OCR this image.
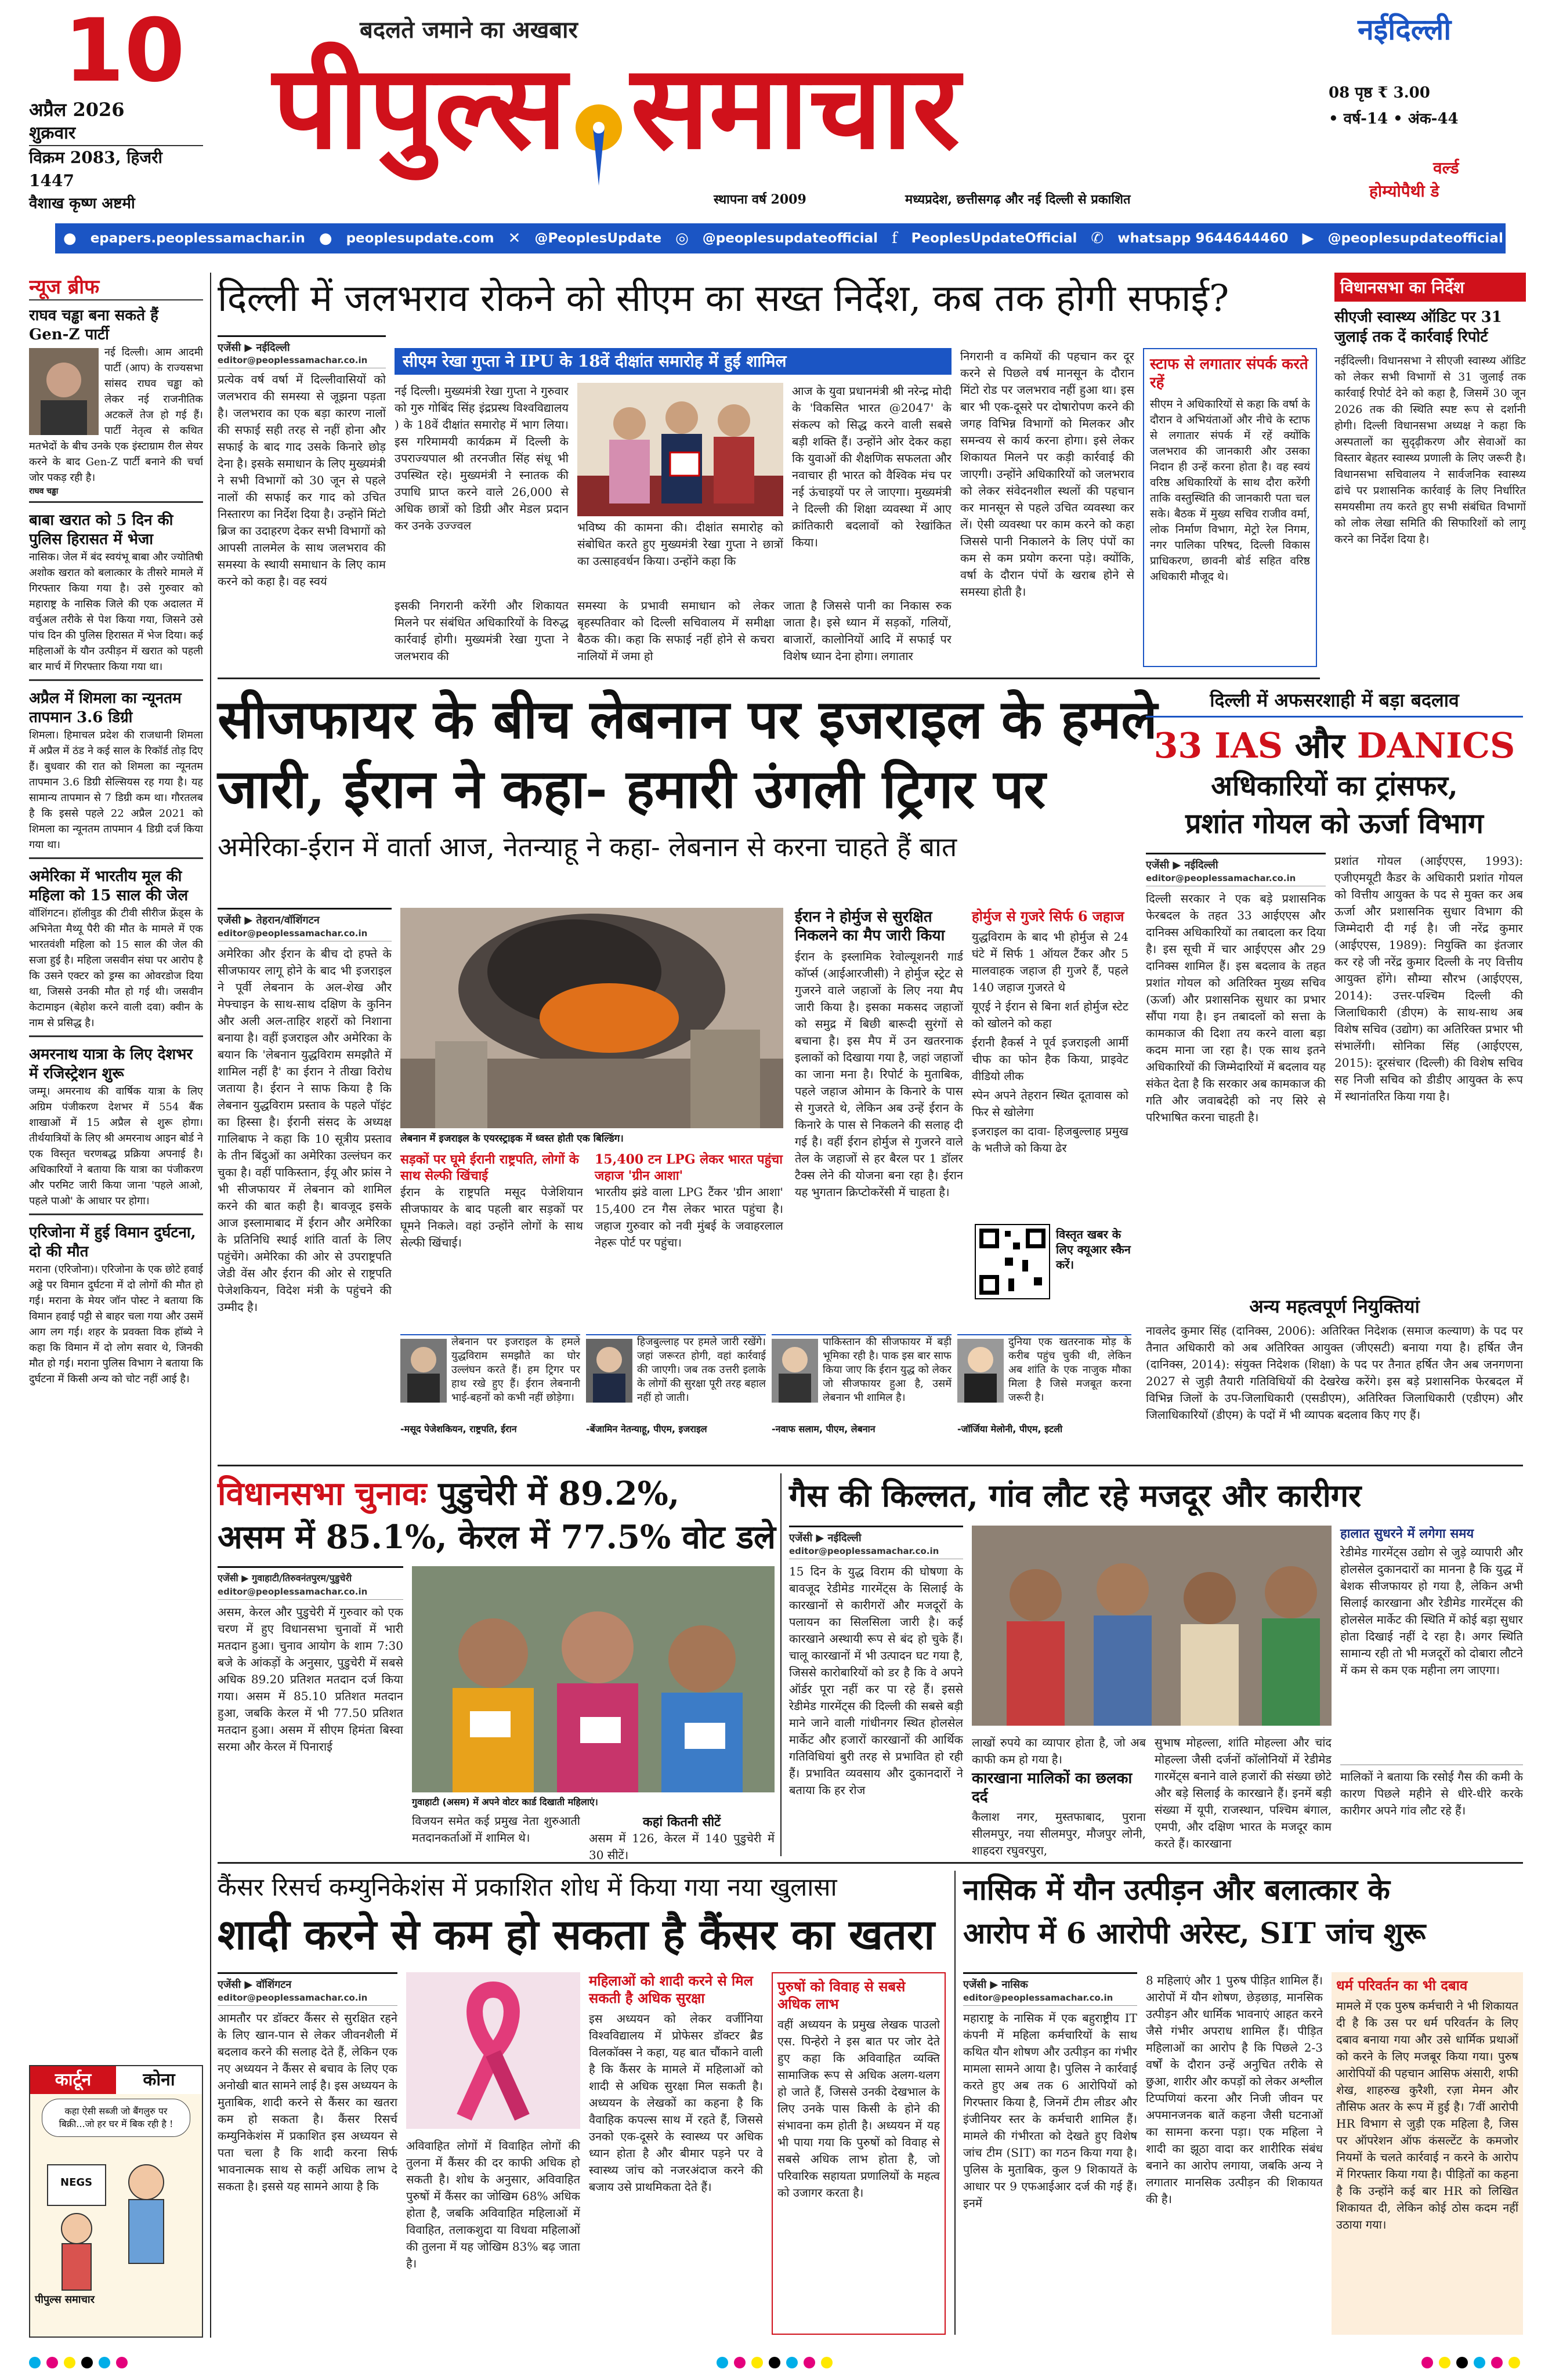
10
अप्रैल 2026
शुक्रवार
विक्रम 2083, हिजरी 1447
वैशाख कृष्ण अष्टमी
बदलते जमाने का अखबार
पीपुल्स समाचार
स्थापना वर्ष 2009	मध्यप्रदेश, छत्तीसगढ़ और नई दिल्ली से प्रकाशित
नईदिल्ली
08 पृष्ठ ₹ 3.00
• वर्ष-14 • अंक-44
वर्ल्ड
होम्योपैथी डे
● epapers.peoplessamachar.in ● peoplesupdate.com ✕ @PeoplesUpdate ◎ @peoplesupdateofficial f PeoplesUpdateOfficial ✆ whatsapp 9644644460 ▶ @peoplesupdateofficial
न्यूज ब्रीफ
राघव चड्ढा बना सकते हैं Gen-Z पार्टी
नई दिल्ली। आम आदमी पार्टी (आप) के राज्यसभा सांसद राघव चड्ढा को लेकर नई राजनीतिक अटकलें तेज हो गई हैं। पार्टी नेतृत्व से कथित मतभेदों के बीच उनके एक इंस्टाग्राम रील सेयर करने के बाद Gen-Z पार्टी बनाने की चर्चा जोर पकड़ रही है।
राघव चड्ढा
बाबा खरात को 5 दिन की पुलिस हिरासत में भेजा
नासिक। जेल में बंद स्वयंभू बाबा और ज्योतिषी अशोक खरात को बलात्कार के तीसरे मामले में गिरफ्तार किया गया है। उसे गुरुवार को महाराष्ट्र के नासिक जिले की एक अदालत में वर्चुअल तरीके से पेश किया गया, जिसने उसे पांच दिन की पुलिस हिरासत में भेज दिया। कई महिलाओं के यौन उत्पीड़न में खरात को पहली बार मार्च में गिरफ्तार किया गया था।
अप्रैल में शिमला का न्यूनतम तापमान 3.6 डिग्री
शिमला। हिमाचल प्रदेश की राजधानी शिमला में अप्रैल में ठंड ने कई साल के रिकॉर्ड तोड़ दिए हैं। बुधवार की रात को शिमला का न्यूनतम तापमान 3.6 डिग्री सेल्सियस रह गया है। यह सामान्य तापमान से 7 डिग्री कम था। गौरतलब है कि इससे पहले 22 अप्रैल 2021 को शिमला का न्यूनतम तापमान 4 डिग्री दर्ज किया गया था।
अमेरिका में भारतीय मूल की महिला को 15 साल की जेल
वॉशिंगटन। हॉलीवुड की टीवी सीरीज फ्रेंड्स के अभिनेता मैथ्यू पैरी की मौत के मामले में एक भारतवंशी महिला को 15 साल की जेल की सजा हुई है। महिला जसवीन संघा पर आरोप है कि उसने एक्टर को ड्रग्स का ओवरडोज दिया था, जिससे उनकी मौत हो गई थी। जसवीन केटामाइन (बेहोश करने वाली दवा) क्वीन के नाम से प्रसिद्ध है।
अमरनाथ यात्रा के लिए देशभर में रजिस्ट्रेशन शुरू
जम्मू। अमरनाथ की वार्षिक यात्रा के लिए अग्रिम पंजीकरण देशभर में 554 बैंक शाखाओं में 15 अप्रैल से शुरू होगा। तीर्थयात्रियों के लिए श्री अमरनाथ आइन बोर्ड ने एक विस्तृत चरणबद्ध प्रक्रिया अपनाई है। अधिकारियों ने बताया कि यात्रा का पंजीकरण और परमिट जारी किया जाना 'पहले आओ, पहले पाओ' के आधार पर होगा।
एरिजोना में हुई विमान दुर्घटना, दो की मौत
मराना (एरिजोना)। एरिजोना के एक छोटे हवाई अड्डे पर विमान दुर्घटना में दो लोगों की मौत हो गई। मराना के मेयर जॉन पोस्ट ने बताया कि विमान हवाई पट्टी से बाहर चला गया और उसमें आग लग गई। शहर के प्रवक्ता विक हॉब्ये ने कहा कि विमान में दो लोग सवार थे, जिनकी मौत हो गई। मराना पुलिस विभाग ने बताया कि दुर्घटना में किसी अन्य को चोट नहीं आई है।
कार्टून	कोना
कहा ऐसी सब्जी जो बैंगलुरु पर बिक्री...जो हर घर में बिक रही है !
NEGS
पीपुल्स समाचार
दिल्ली में जलभराव रोकने को सीएम का सख्त निर्देश, कब तक होगी सफाई?
एजेंसी ▶ नईदिल्ली
editor@peoplessamachar.co.in
प्रत्येक वर्ष वर्षा में दिल्लीवासियों को जलभराव की समस्या से जूझना पड़ता है। जलभराव का एक बड़ा कारण नालों की सफाई सही तरह से नहीं होना और सफाई के बाद गाद उसके किनारे छोड़ देना है। इसके समाधान के लिए मुख्यमंत्री ने सभी विभागों को 30 जून से पहले नालों की सफाई कर गाद को उचित निस्तारण का निर्देश दिया है। उन्होंने मिंटो ब्रिज का उदाहरण देकर सभी विभागों को आपसी तालमेल के साथ जलभराव की समस्या के स्थायी समाधान के लिए काम करने को कहा है। वह स्वयं
सीएम रेखा गुप्ता ने IPU के 18वें दीक्षांत समारोह में हुईं शामिल
नई दिल्ली। मुख्यमंत्री रेखा गुप्ता ने गुरुवार को गुरु गोबिंद सिंह इंद्रप्रस्थ विश्वविद्यालय ) के 18वें दीक्षांत समारोह में भाग लिया। इस गरिमामयी कार्यक्रम में दिल्ली के उपराज्यपाल श्री तरनजीत सिंह संधू भी उपस्थित रहे। मुख्यमंत्री ने स्नातक की उपाधि प्राप्त करने वाले 26,000 से अधिक छात्रों को डिग्री और मेडल प्रदान कर उनके उज्ज्वल	भविष्य की कामना की। दीक्षांत समारोह को संबोधित करते हुए मुख्यमंत्री रेखा गुप्ता ने छात्रों का उत्साहवर्धन किया। उन्होंने कहा कि
आज के युवा प्रधानमंत्री श्री नरेन्द्र मोदी के 'विकसित भारत @2047' के संकल्प को सिद्ध करने वाली सबसे बड़ी शक्ति हैं। उन्होंने ओर देकर कहा कि युवाओं की शैक्षणिक सफलता और नवाचार ही भारत को वैश्विक मंच पर नई ऊंचाइयों पर ले जाएगा। मुख्यमंत्री ने दिल्ली की शिक्षा व्यवस्था में आए क्रांतिकारी बदलावों को रेखांकित किया।
इसकी निगरानी करेंगी और शिकायत मिलने पर संबंधित अधिकारियों के विरुद्ध कार्रवाई होगी। मुख्यमंत्री रेखा गुप्ता ने जलभराव की
समस्या के प्रभावी समाधान को लेकर बृहस्पतिवार को दिल्ली सचिवालय में समीक्षा बैठक की। कहा कि सफाई नहीं होने से कचरा नालियों में जमा हो
जाता है जिससे पानी का निकास रुक जाता है। इसे ध्यान में सड़कों, गलियों, बाजारों, कालोनियों आदि में सफाई पर विशेष ध्यान देना होगा। लगातार
निगरानी व कमियों की पहचान कर दूर करने से पिछले वर्ष मानसून के दौरान मिंटो रोड पर जलभराव नहीं हुआ था। इस बार भी एक-दूसरे पर दोषारोपण करने की जगह विभिन्न विभागों को मिलकर और समन्वय से कार्य करना होगा। इसे लेकर शिकायत मिलने पर कड़ी कार्रवाई की जाएगी। उन्होंने अधिकारियों को जलभराव को लेकर संवेदनशील स्थलों की पहचान कर मानसून से पहले उचित व्यवस्था कर लें। ऐसी व्यवस्था पर काम करने को कहा जिससे पानी निकालने के लिए पंपों का कम से कम प्रयोग करना पड़े। क्योंकि, वर्षा के दौरान पंपों के खराब होने से समस्या होती है।
स्टाफ से लगातार संपर्क करते रहें
सीएम ने अधिकारियों से कहा कि वर्षा के दौरान वे अभियंताओं और नीचे के स्टाफ से लगातार संपर्क में रहें क्योंकि जलभराव की जानकारी और उसका निदान ही उन्हें करना होता है। वह स्वयं वरिष्ठ अधिकारियों के साथ दौरा करेंगी ताकि वस्तुस्थिति की जानकारी पता चल सके। बैठक में मुख्य सचिव राजीव वर्मा, लोक निर्माण विभाग, मेट्रो रेल निगम, नगर पालिका परिषद, दिल्ली विकास प्राधिकरण, छावनी बोर्ड सहित वरिष्ठ अधिकारी मौजूद थे।
विधानसभा का निर्देश
सीएजी स्वास्थ्य ऑडिट पर 31 जुलाई तक दें कार्रवाई रिपोर्ट
नईदिल्ली। विधानसभा ने सीएजी स्वास्थ्य ऑडिट को लेकर सभी विभागों से 31 जुलाई तक कार्रवाई रिपोर्ट देने को कहा है, जिसमें 30 जून 2026 तक की स्थिति स्पष्ट रूप से दर्शानी होगी। दिल्ली विधानसभा अध्यक्ष ने कहा कि अस्पतालों का सुदृढ़ीकरण और सेवाओं का विस्तार बेहतर स्वास्थ्य प्रणाली के लिए जरूरी है। विधानसभा सचिवालय ने सार्वजनिक स्वास्थ्य ढांचे पर प्रशासनिक कार्रवाई के लिए निर्धारित समयसीमा तय करते हुए सभी संबंधित विभागों को लोक लेखा समिति की सिफारिशों को लागू करने का निर्देश दिया है।
सीजफायर के बीच लेबनान पर इजराइल के हमले
जारी, ईरान ने कहा- हमारी उंगली ट्रिगर पर
अमेरिका-ईरान में वार्ता आज, नेतन्याहू ने कहा- लेबनान से करना चाहते हैं बात
एजेंसी ▶ तेहरान/वॉशिंगटन
editor@peoplessamachar.co.in
अमेरिका और ईरान के बीच दो हफ्ते के सीजफायर लागू होने के बाद भी इजराइल ने पूर्वी लेबनान के अल-शेख और मेफ्चाइन के साथ-साथ दक्षिण के कुनिन और अली अल-ताहिर शहरों को निशाना बनाया है। वहीं इजराइल और अमेरिका के बयान कि 'लेबनान युद्धविराम समझौते में शामिल नहीं है' का ईरान ने तीखा विरोध जताया है। ईरान ने साफ किया है कि लेबनान युद्धविराम प्रस्ताव के पहले पॉइंट का हिस्सा है। ईरानी संसद के अध्यक्ष गालिबाफ ने कहा कि 10 सूत्रीय प्रस्ताव के तीन बिंदुओं का अमेरिका उल्लंघन कर चुका है। वहीं पाकिस्तान, ईयू और फ्रांस ने भी सीजफायर में लेबनान को शामिल करने की बात कही है। बावजूद इसके आज इस्लामाबाद में ईरान और अमेरिका के प्रतिनिधि स्थाई शांति वार्ता के लिए पहुंचेंगे। अमेरिका की ओर से उपराष्ट्रपति जेडी वेंस और ईरान की ओर से राष्ट्रपति पेजेशकियन, विदेश मंत्री के पहुंचने की उम्मीद है।
लेबनान में इजराइल के एयरस्ट्राइक में ध्वस्त होती एक बिल्डिंग।
सड़कों पर घूमे ईरानी राष्ट्रपति, लोगों के साथ सेल्फी खिंचाई
ईरान के राष्ट्रपति मसूद पेजेशियान सीजफायर के बाद पहली बार सड़कों पर घूमने निकले। वहां उन्होंने लोगों के साथ सेल्फी खिंचाई।
15,400 टन LPG लेकर भारत पहुंचा जहाज 'ग्रीन आशा'
भारतीय झंडे वाला LPG टैंकर 'ग्रीन आशा' 15,400 टन गैस लेकर भारत पहुंचा है। जहाज गुरुवार को नवी मुंबई के जवाहरलाल नेहरू पोर्ट पर पहुंचा।
ईरान ने होर्मुज से सुरक्षित निकलने का मैप जारी किया
ईरान के इस्लामिक रेवोल्यूशनरी गार्ड कॉर्प्स (आईआरजीसी) ने होर्मुज स्ट्रेट से गुजरने वाले जहाजों के लिए नया मैप जारी किया है। इसका मकसद जहाजों को समुद्र में बिछी बारूदी सुरंगों से बचाना है। इस मैप में उन खतरनाक इलाकों को दिखाया गया है, जहां जहाजों का जाना मना है। रिपोर्ट के मुताबिक, पहले जहाज ओमान के किनारे के पास से गुजरते थे, लेकिन अब उन्हें ईरान के किनारे के पास से निकलने की सलाह दी गई है। वहीं ईरान होर्मुज से गुजरने वाले तेल के जहाजों से हर बैरल पर 1 डॉलर टैक्स लेने की योजना बना रहा है। ईरान यह भुगतान क्रिप्टोकरेंसी में चाहता है।
होर्मुज से गुजरे सिर्फ 6 जहाज
युद्धविराम के बाद भी होर्मुज से 24 घंटे में सिर्फ 1 ऑयल टैंकर और 5 मालवाहक जहाज ही गुजरे हैं, पहले 140 जहाज गुजरते थे
यूएई ने ईरान से बिना शर्त होर्मुज स्टेट को खोलने को कहा
ईरानी हैकर्स ने पूर्व इजराइली आर्मी चीफ का फोन हैक किया, प्राइवेट वीडियो लीक
स्पेन अपने तेहरान स्थित दूतावास को फिर से खोलेगा
इजराइल का दावा- हिजबुल्लाह प्रमुख के भतीजे को किया ढेर
विस्तृत खबर के लिए क्यूआर स्कैन करें।
लेबनान पर इजराइल के हमले युद्धविराम समझौते का घोर उल्लंघन करते हैं। हम ट्रिगर पर हाथ रखे हुए हैं। ईरान लेबनानी भाई-बहनों को कभी नहीं छोड़ेगा।
-मसूद पेजेशकियन, राष्ट्रपति, ईरान
हिजबुल्लाह पर हमले जारी रखेंगे। जहां जरूरत होगी, वहां कार्रवाई की जाएगी। जब तक उत्तरी इलाके के लोगों की सुरक्षा पूरी तरह बहाल नहीं हो जाती।
-बेंजामिन नेतन्याहू, पीएम, इजराइल
पाकिस्तान की सीजफायर में बड़ी भूमिका रही है। पाक इस बार साफ किया जाए कि ईरान युद्ध को लेकर जो सीजफायर हुआ है, उसमें लेबनान भी शामिल है।
-नवाफ सलाम, पीएम, लेबनान
दुनिया एक खतरनाक मोड़ के करीब पहुंच चुकी थी, लेकिन अब शांति के एक नाजुक मौका मिला है जिसे मजबूत करना जरूरी है।
-जॉर्जिया मेलोनी, पीएम, इटली
दिल्ली में अफसरशाही में बड़ा बदलाव
33 IAS और DANICS
अधिकारियों का ट्रांसफर,
प्रशांत गोयल को ऊर्जा विभाग
एजेंसी ▶ नईदिल्ली
editor@peoplessamachar.co.in
दिल्ली सरकार ने एक बड़े प्रशासनिक फेरबदल के तहत 33 आईएएस और दानिक्स अधिकारियों का तबादला कर दिया है। इस सूची में चार आईएएस और 29 दानिक्स शामिल हैं। इस बदलाव के तहत प्रशांत गोयल को अतिरिक्त मुख्य सचिव (ऊर्जा) और प्रशासनिक सुधार का प्रभार सौंपा गया है। इन तबादलों को सत्ता के कामकाज की दिशा तय करने वाला बड़ा कदम माना जा रहा है। एक साथ इतने अधिकारियों की जिम्मेदारियों में बदलाव यह संकेत देता है कि सरकार अब कामकाज की गति और जवाबदेही को नए सिरे से परिभाषित करना चाहती है।
प्रशांत गोयल (आईएएस, 1993): एजीएमयूटी कैडर के अधिकारी प्रशांत गोयल को वित्तीय आयुक्त के पद से मुक्त कर अब ऊर्जा और प्रशासनिक सुधार विभाग की जिम्मेदारी दी गई है। जी नरेंद्र कुमार (आईएएस, 1989): नियुक्ति का इंतजार कर रहे जी नरेंद्र कुमार दिल्ली के नए वित्तीय आयुक्त होंगे। सौम्या सौरभ (आईएएस, 2014): उत्तर-पश्चिम दिल्ली की जिलाधिकारी (डीएम) के साथ-साथ अब विशेष सचिव (उद्योग) का अतिरिक्त प्रभार भी संभालेंगी। सोनिका सिंह (आईएएस, 2015): दूरसंचार (दिल्ली) की विशेष सचिव सह निजी सचिव को डीडीए आयुक्त के रूप में स्थानांतरित किया गया है।
अन्य महत्वपूर्ण नियुक्तियां
नावलेद कुमार सिंह (दानिक्स, 2006): अतिरिक्त निदेशक (समाज कल्याण) के पद पर तैनात अधिकारी को अब अतिरिक्त आयुक्त (जीएसटी) बनाया गया है। हर्षित जैन (दानिक्स, 2014): संयुक्त निदेशक (शिक्षा) के पद पर तैनात हर्षित जैन अब जनगणना 2027 से जुड़ी तैयारी गतिविधियों की देखरेख करेंगे। इस बड़े प्रशासनिक फेरबदल में विभिन्न जिलों के उप-जिलाधिकारी (एसडीएम), अतिरिक्त जिलाधिकारी (एडीएम) और जिलाधिकारियों (डीएम) के पदों में भी व्यापक बदलाव किए गए हैं।
विधानसभा चुनावः पुडुचेरी में 89.2%,
असम में 85.1%, केरल में 77.5% वोट डले
एजेंसी ▶ गुवाहाटी/तिरुवनंतपुरम/पुडुचेरी
editor@peoplessamachar.co.in
असम, केरल और पुडुचेरी में गुरुवार को एक चरण में हुए विधानसभा चुनावों में भारी मतदान हुआ। चुनाव आयोग के शाम 7:30 बजे के आंकड़ों के अनुसार, पुडुचेरी में सबसे अधिक 89.20 प्रतिशत मतदान दर्ज किया गया। असम में 85.10 प्रतिशत मतदान हुआ, जबकि केरल में भी 77.50 प्रतिशत मतदान हुआ। असम में सीएम हिमंता बिस्वा सरमा और केरल में पिनाराई
गुवाहाटी (असम) में अपने वोटर कार्ड दिखाती महिलाएं।
विजयन समेत कई प्रमुख नेता शुरुआती मतदानकर्ताओं में शामिल थे।
कहां कितनी सीटें
असम में 126, केरल में 140 पुडुचेरी में 30 सीटें।
गैस की किल्लत, गांव लौट रहे मजदूर और कारीगर
एजेंसी ▶ नईदिल्ली
editor@peoplessamachar.co.in
15 दिन के युद्ध विराम की घोषणा के बावजूद रेडीमेड गारमेंट्स के सिलाई के कारखानों से कारीगरों और मजदूरों के पलायन का सिलसिला जारी है। कई कारखाने अस्थायी रूप से बंद हो चुके हैं। चालू कारखानों में भी उत्पादन घट गया है, जिससे कारोबारियों को डर है कि वे अपने ऑर्डर पूरा नहीं कर पा रहे हैं। इससे रेडीमेड गारमेंट्स की दिल्ली की सबसे बड़ी माने जाने वाली गांधीनगर स्थित होलसेल मार्केट और हजारों कारखानों की आर्थिक गतिविधियां बुरी तरह से प्रभावित हो रही हैं। प्रभावित व्यवसाय और दुकानदारों ने बताया कि हर रोज
लाखों रुपये का व्यापार होता है, जो अब काफी कम हो गया है।
कारखाना मालिकों का छलका दर्द
कैलाश नगर, मुस्तफाबाद, पुराना सीलमपुर, नया सीलमपुर, मौजपुर लोनी, शाहदरा रघुवरपुरा,
सुभाष मोहल्ला, शांति मोहल्ला और चांद मोहल्ला जैसी दर्जनों कॉलोनियों में रेडीमेड गारमेंट्स बनाने वाले हजारों की संख्या छोटे और बड़े सिलाई के कारखाने हैं। इनमें बड़ी संख्या में यूपी, राजस्थान, पश्चिम बंगाल, एमपी, और दक्षिण भारत के मजदूर काम करते हैं। कारखाना
हालात सुधरने में लगेगा समय
रेडीमेड गारमेंट्स उद्योग से जुड़े व्यापारी और होलसेल दुकानदारों का मानना है कि युद्ध में बेशक सीजफायर हो गया है, लेकिन अभी सिलाई कारखाना और रेडीमेड गारमेंट्स की होलसेल मार्केट की स्थिति में कोई बड़ा सुधार होता दिखाई नहीं दे रहा है। अगर स्थिति सामान्य रही तो भी मजदूरों को दोबारा लौटने में कम से कम एक महीना लग जाएगा।
मालिकों ने बताया कि रसोई गैस की कमी के कारण पिछले महीने से धीरे-धीरे करके कारीगर अपने गांव लौट रहे हैं।
कैंसर रिसर्च कम्युनिकेशंस में प्रकाशित शोध में किया गया नया खुलासा
शादी करने से कम हो सकता है कैंसर का खतरा
एजेंसी ▶ वॉशिंगटन
editor@peoplessamachar.co.in
आमतौर पर डॉक्टर कैंसर से सुरक्षित रहने के लिए खान-पान से लेकर जीवनशैली में बदलाव करने की सलाह देते हैं, लेकिन एक नए अध्ययन ने कैंसर से बचाव के लिए एक अनोखी बात सामने लाई है। इस अध्ययन के मुताबिक, शादी करने से कैंसर का खतरा कम हो सकता है। कैंसर रिसर्च कम्युनिकेशंस में प्रकाशित इस अध्ययन से पता चला है कि शादी करना सिर्फ भावनात्मक साथ से कहीं अधिक लाभ दे सकता है। इससे यह सामने आया है कि
अविवाहित लोगों में विवाहित लोगों की तुलना में कैंसर की दर काफी अधिक हो सकती है। शोध के अनुसार, अविवाहित पुरुषों में कैंसर का जोखिम 68% अधिक होता है, जबकि अविवाहित महिलाओं में विवाहित, तलाकशुदा या विधवा महिलाओं की तुलना में यह जोखिम 83% बढ़ जाता है।
महिलाओं को शादी करने से मिल सकती है अधिक सुरक्षा
इस अध्ययन को लेकर वर्जीनिया विश्वविद्यालय में प्रोफेसर डॉक्टर ब्रैड विलकॉक्स ने कहा, यह बात चौंकाने वाली है कि कैंसर के मामले में महिलाओं को शादी से अधिक सुरक्षा मिल सकती है। अध्ययन के लेखकों का कहना है कि वैवाहिक कपल्स साथ में रहते हैं, जिससे उनको एक-दूसरे के स्वास्थ्य पर अधिक ध्यान होता है और बीमार पड़ने पर वे स्वास्थ्य जांच को नजरअंदाज करने की बजाय उसे प्राथमिकता देते हैं।
पुरुषों को विवाह से सबसे अधिक लाभ
वहीं अध्ययन के प्रमुख लेखक पाउलो एस. पिन्हेरो ने इस बात पर जोर देते हुए कहा कि अविवाहित व्यक्ति सामाजिक रूप से अधिक अलग-थलग हो जाते हैं, जिससे उनकी देखभाल के लिए उनके पास किसी के होने की संभावना कम होती है। अध्ययन में यह भी पाया गया कि पुरुषों को विवाह से सबसे अधिक लाभ होता है, जो परिवारिक सहायता प्रणालियों के महत्व को उजागर करता है।
नासिक में यौन उत्पीड़न और बलात्कार के
आरोप में 6 आरोपी अरेस्ट, SIT जांच शुरू
एजेंसी ▶ नासिक
editor@peoplessamachar.co.in
महाराष्ट्र के नासिक में एक बहुराष्ट्रीय IT कंपनी में महिला कर्मचारियों के साथ कथित यौन शोषण और उत्पीड़न का गंभीर मामला सामने आया है। पुलिस ने कार्रवाई करते हुए अब तक 6 आरोपियों को गिरफ्तार किया है, जिनमें टीम लीडर और इंजीनियर स्तर के कर्मचारी शामिल हैं। मामले की गंभीरता को देखते हुए विशेष जांच टीम (SIT) का गठन किया गया है। पुलिस के मुताबिक, कुल 9 शिकायतें के आधार पर 9 एफआईआर दर्ज की गई हैं। इनमें
8 महिलाएं और 1 पुरुष पीड़ित शामिल हैं। आरोपों में यौन शोषण, छेड़छाड़, मानसिक उत्पीड़न और धार्मिक भावनाएं आहत करने जैसे गंभीर अपराध शामिल हैं। पीड़ित महिलाओं का आरोप है कि पिछले 2-3 वर्षों के दौरान उन्हें अनुचित तरीके से छुआ, शारीर और कपड़ों को लेकर अश्लील टिप्पणियां करना और निजी जीवन पर अपमानजनक बातें कहना जैसी घटनाओं का सामना करना पड़ा। एक महिला ने शादी का झूठा वादा कर शारीरिक संबंध बनाने का आरोप लगाया, जबकि अन्य ने लगातार मानसिक उत्पीड़न की शिकायत की है।
धर्म परिवर्तन का भी दबाव
मामले में एक पुरुष कर्मचारी ने भी शिकायत दी है कि उस पर धर्म परिवर्तन के लिए दबाव बनाया गया और उसे धार्मिक प्रथाओं को करने के लिए मजबूर किया गया। पुरुष आरोपियों की पहचान आसिफ अंसारी, शफी शेख, शाहरुख कुरैशी, रज़ा मेमन और तौसिफ अतर के रूप में हुई है। 7वीं आरोपी HR विभाग से जुड़ी एक महिला है, जिस पर ऑपरेशन ऑफ कंसल्टेंट के कमजोर नियमों के चलते कार्रवाई न करने के आरोप में गिरफ्तार किया गया है। पीड़ितों का कहना है कि उन्होंने कई बार HR को लिखित शिकायत दी, लेकिन कोई ठोस कदम नहीं उठाया गया।
